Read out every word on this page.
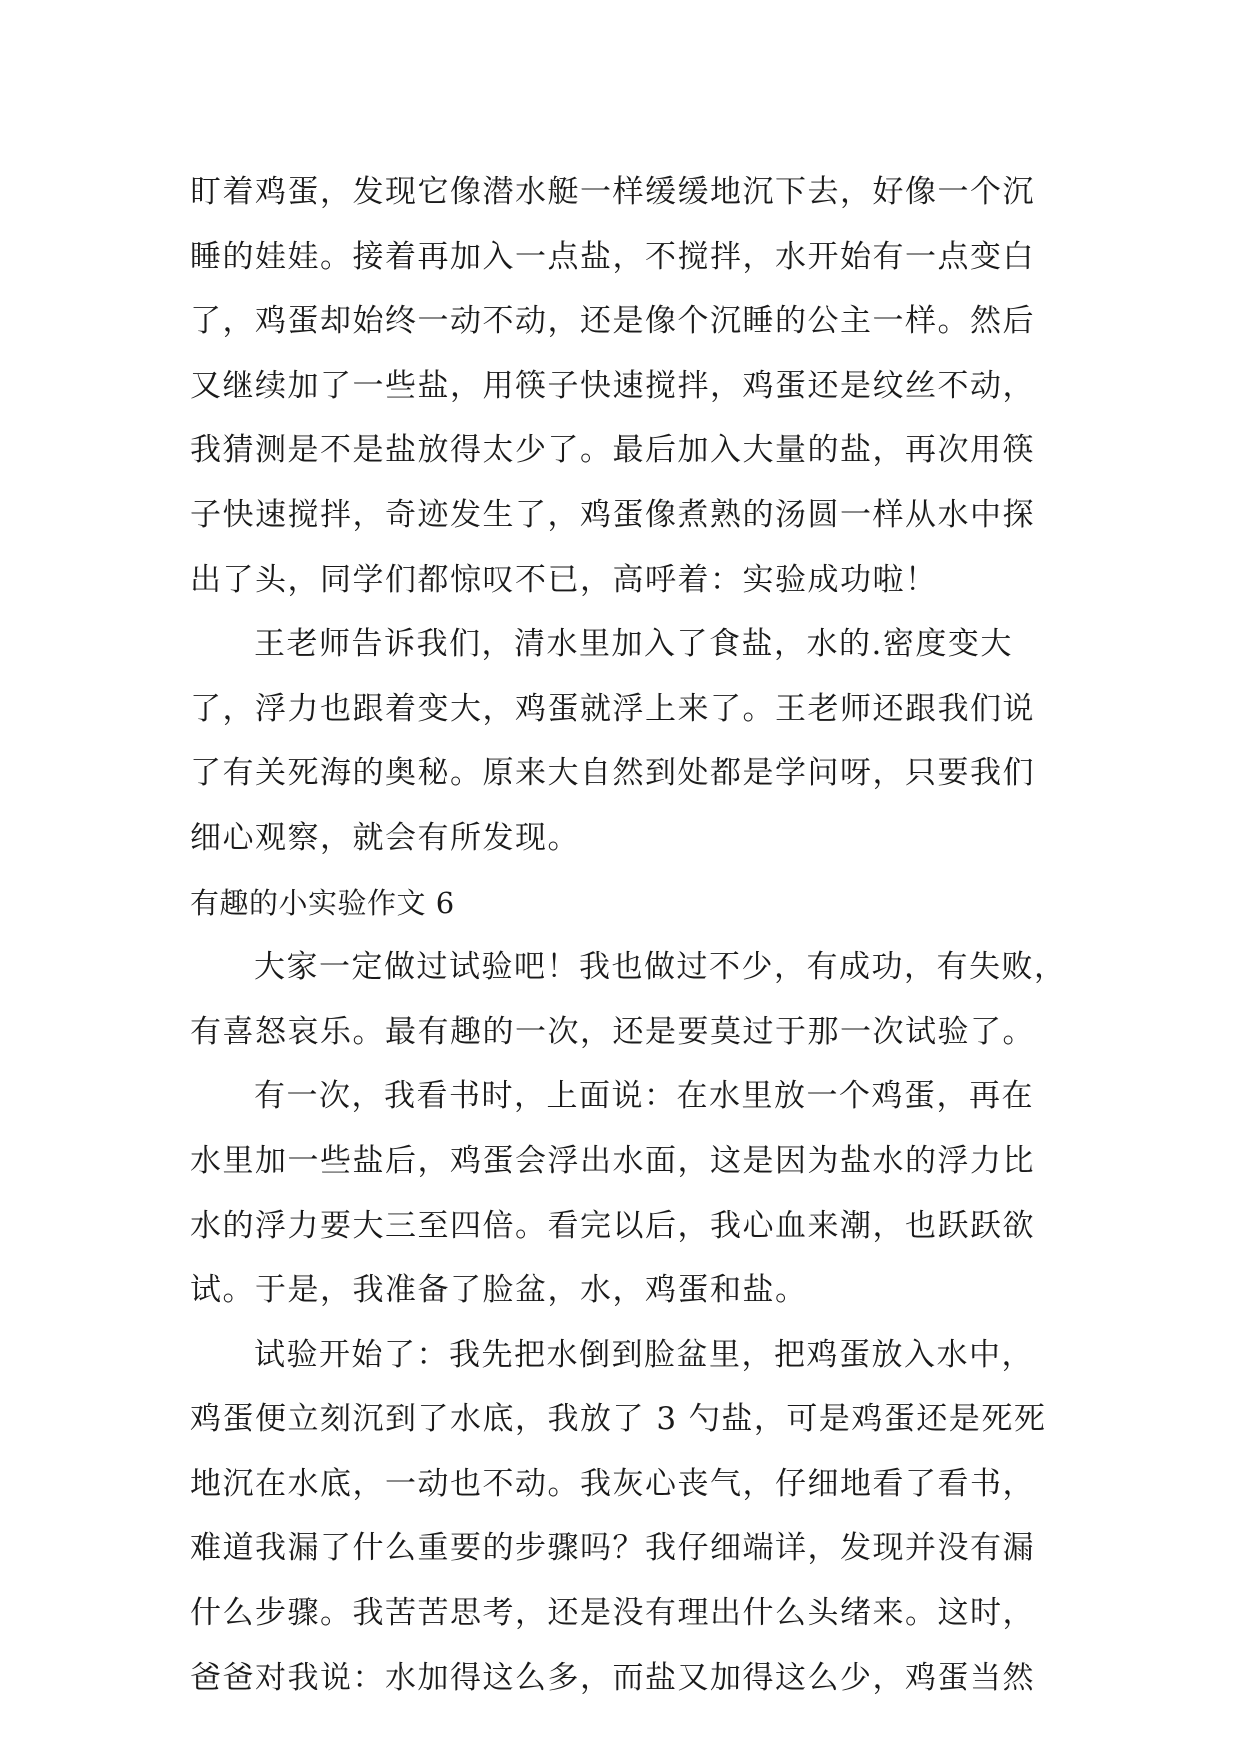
盯着鸡蛋，发现它像潜水艇一样缓缓地沉下去，好像一个沉
睡的娃娃。接着再加入一点盐，不搅拌，水开始有一点变白
了，鸡蛋却始终一动不动，还是像个沉睡的公主一样。然后
又继续加了一些盐，用筷子快速搅拌，鸡蛋还是纹丝不动，
我猜测是不是盐放得太少了。最后加入大量的盐，再次用筷
子快速搅拌，奇迹发生了，鸡蛋像煮熟的汤圆一样从水中探
出了头，同学们都惊叹不已，高呼着：实验成功啦！
王老师告诉我们，清水里加入了食盐，水的.密度变大
了，浮力也跟着变大，鸡蛋就浮上来了。王老师还跟我们说
了有关死海的奥秘。原来大自然到处都是学问呀，只要我们
细心观察，就会有所发现。
有趣的小实验作文 6
大家一定做过试验吧！我也做过不少，有成功，有失败，
有喜怒哀乐。最有趣的一次，还是要莫过于那一次试验了。
有一次，我看书时，上面说：在水里放一个鸡蛋，再在
水里加一些盐后，鸡蛋会浮出水面，这是因为盐水的浮力比
水的浮力要大三至四倍。看完以后，我心血来潮，也跃跃欲
试。于是，我准备了脸盆，水，鸡蛋和盐。
试验开始了：我先把水倒到脸盆里，把鸡蛋放入水中，
鸡蛋便立刻沉到了水底，我放了 3 勺盐，可是鸡蛋还是死死
地沉在水底，一动也不动。我灰心丧气，仔细地看了看书，
难道我漏了什么重要的步骤吗？我仔细端详，发现并没有漏
什么步骤。我苦苦思考，还是没有理出什么头绪来。这时，
爸爸对我说：水加得这么多，而盐又加得这么少，鸡蛋当然
